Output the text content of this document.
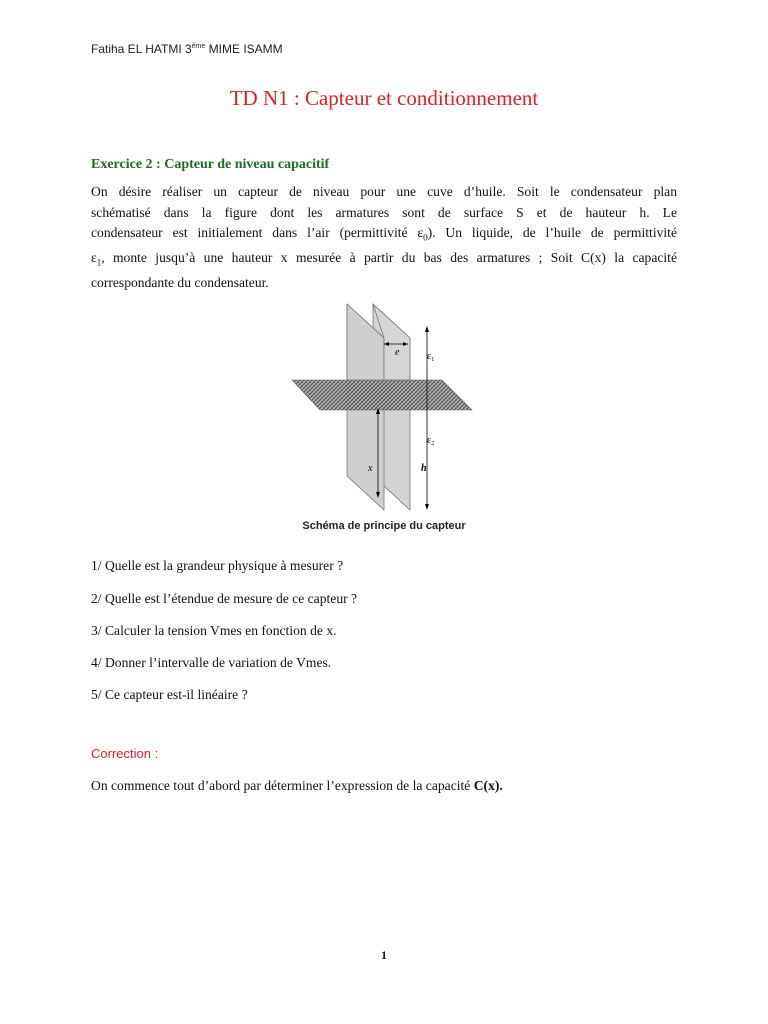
Fatiha EL HATMI 3ème MIME ISAMM
TD N1 : Capteur et conditionnement
Exercice 2 : Capteur de niveau capacitif
On désire réaliser un capteur de niveau pour une cuve d’huile. Soit le condensateur plan
schématisé dans la figure dont les armatures sont de surface S et de hauteur h. Le
condensateur est initialement dans l’air (permittivité $\varepsilon_0$). Un liquide, de l’huile de permittivité
$\varepsilon_1$, monte jusqu’à une hauteur x mesurée à partir du bas des armatures ; Soit C(x) la capacité
correspondante du condensateur.
e	$\varepsilon_1$
$\varepsilon_2$
x	h
Schéma de principe du capteur
1/ Quelle est la grandeur physique à mesurer ?
2/ Quelle est l’étendue de mesure de ce capteur ?
3/ Calculer la tension Vmes en fonction de x.
4/ Donner l’intervalle de variation de Vmes.
5/ Ce capteur est-il linéaire ?
Correction :
On commence tout d’abord par déterminer l’expression de la capacité C(x).
1
